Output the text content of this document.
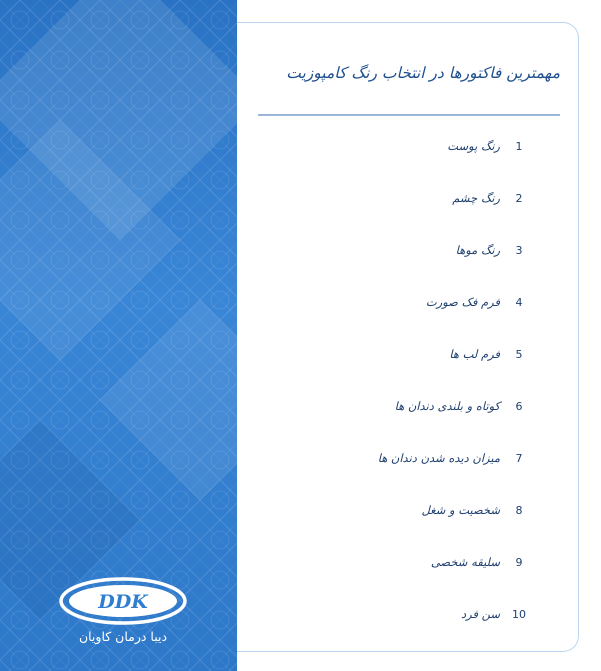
DDK
دیبا درمان کاویان
مهمترین فاکتورها در انتخاب رنگ کامپوزیت
1
رنگ پوست
2
رنگ چشم
3
رنگ موها
4
فرم فک صورت
5
فرم لب ها
6
کوتاه و بلندی دندان ها
7
میزان دیده شدن دندان ها
8
شخصیت و شغل
9
سلیقه شخصی
10
سن فرد
